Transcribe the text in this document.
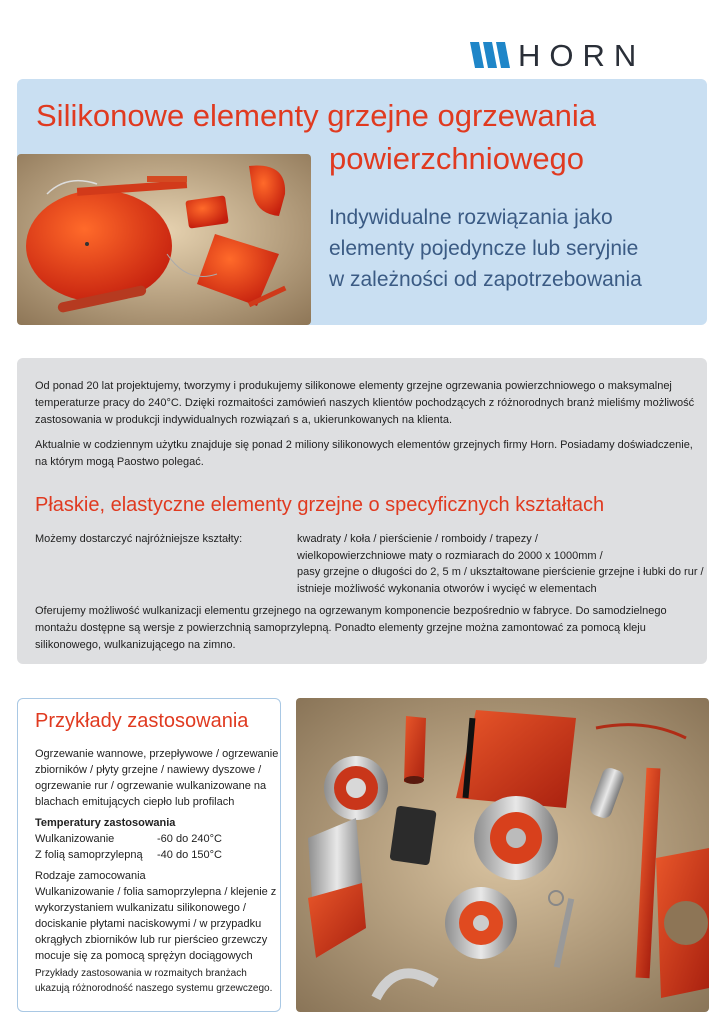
HORN
Silikonowe elementy grzejne ogrzewania
powierzchniowego
Indywidualne rozwiązania jako
elementy pojedyncze lub seryjnie
w zależności od zapotrzebowania
Od ponad 20 lat projektujemy, tworzymy i produkujemy silikonowe elementy grzejne ogrzewania powierzchniowego o maksymalnej temperaturze pracy do 240°C. Dzięki rozmaitości zamówień naszych klientów pochodzących z różnorodnych branż mieliśmy możliwość zastosowania w produkcji indywidualnych rozwiązań s a, ukierunkowanych na klienta.
Aktualnie w codziennym użytku znajduje się ponad 2 miliony silikonowych elementów grzejnych firmy Horn. Posiadamy doświadczenie, na którym mogą Paostwo polegać.
Płaskie, elastyczne elementy grzejne o specyficznych kształtach
Możemy dostarczyć najróżniejsze kształty:	kwadraty / koła / pierścienie / romboidy / trapezy /
wielkopowierzchniowe maty o rozmiarach do 2000 x 1000mm /
pasy grzejne o długości do 2, 5 m / ukształtowane pierścienie grzejne i łubki do rur /
istnieje możliwość wykonania otworów i wycięć w elementach
Oferujemy możliwość wulkanizacji elementu grzejnego na ogrzewanym komponencie bezpośrednio w fabryce. Do samodzielnego montażu dostępne są wersje z powierzchnią samoprzylepną. Ponadto elementy grzejne można zamontować za pomocą kleju silikonowego, wulkanizującego na zimno.
Przykłady zastosowania
Ogrzewanie wannowe, przepływowe / ogrzewanie zbiorników / płyty grzejne / nawiewy dyszowe / ogrzewanie rur / ogrzewanie wulkanizowane na blachach emitujących ciepło lub profilach
Temperatury zastosowania
Wulkanizowanie	-60 do 240°C
Z folią samoprzylepną -40 do 150°C
Rodzaje zamocowania
Wulkanizowanie / folia samoprzylepna / klejenie z wykorzystaniem wulkanizatu silikonowego / dociskanie płytami naciskowymi / w przypadku okrągłych zbiorników lub rur pierścieo grzewczy mocuje się za pomocą sprężyn dociągowych
Przykłady zastosowania w rozmaitych branżach ukazują różnorodność naszego systemu grzewczego.
